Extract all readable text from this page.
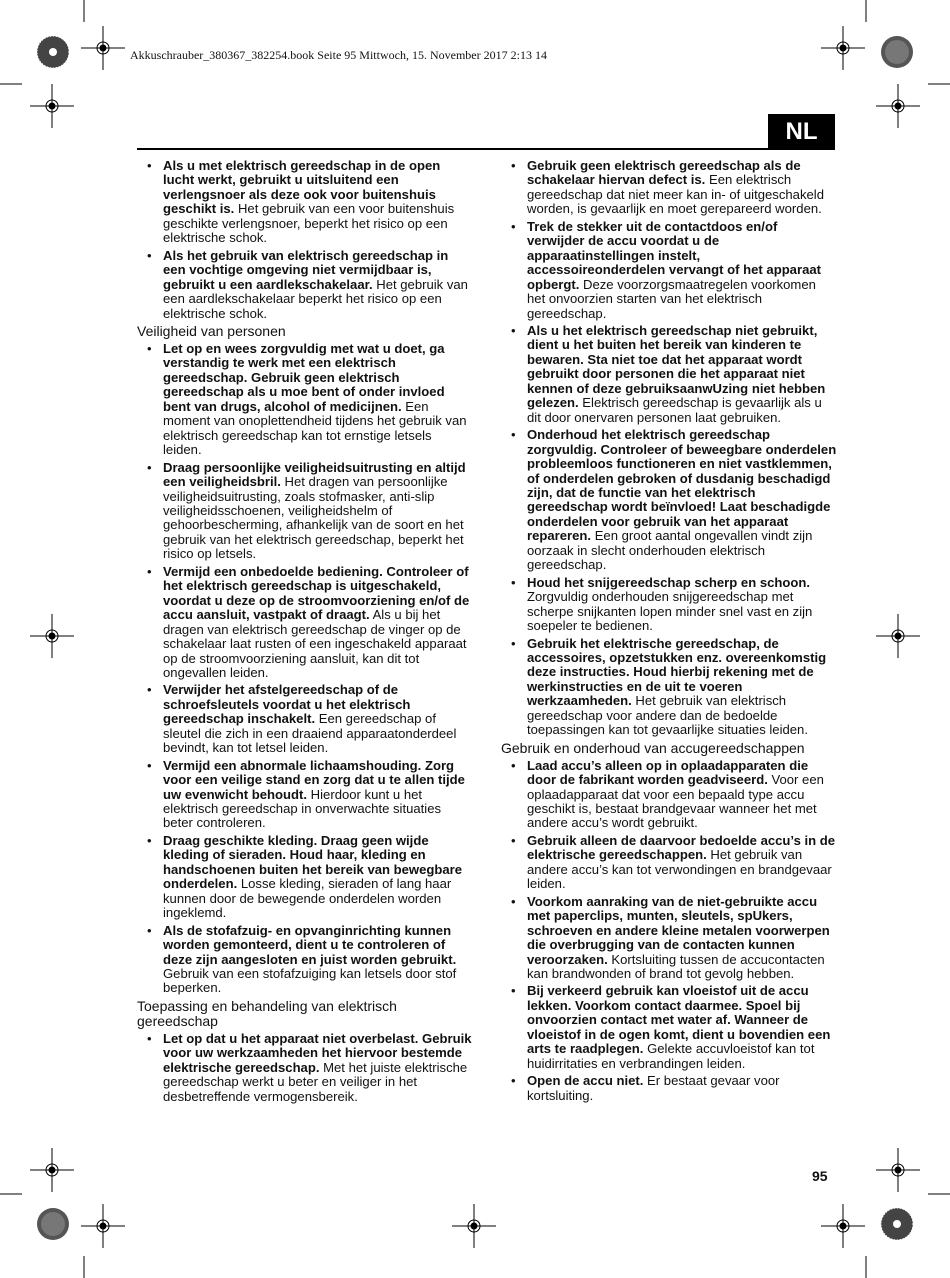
Akkuschrauber_380367_382254.book Seite 95 Mittwoch, 15. November 2017 2:13 14
NL
• Als u met elektrisch gereedschap in de open lucht werkt, gebruikt u uitsluitend een verlengsnoer als deze ook voor buitenshuis geschikt is. Het gebruik van een voor buitenshuis geschikte verlengsnoer, beperkt het risico op een elektrische schok.
• Als het gebruik van elektrisch gereedschap in een vochtige omgeving niet vermijdbaar is, gebruikt u een aardlekschakelaar. Het gebruik van een aardlekschakelaar beperkt het risico op een elektrische schok.
Veiligheid van personen
• Let op en wees zorgvuldig met wat u doet, ga verstandig te werk met een elektrisch gereedschap. Gebruik geen elektrisch gereedschap als u moe bent of onder invloed bent van drugs, alcohol of medicijnen. Een moment van onoplettendheid tijdens het gebruik van elektrisch gereedschap kan tot ernstige letsels leiden.
• Draag persoonlijke veiligheidsuitrusting en altijd een veiligheidsbril. Het dragen van persoonlijke veiligheidsuitrusting, zoals stofmasker, anti-slip veiligheidsschoenen, veiligheidshelm of gehoorbescherming, afhankelijk van de soort en het gebruik van het elektrisch gereedschap, beperkt het risico op letsels.
• Vermijd een onbedoelde bediening. Controleer of het elektrisch gereedschap is uitgeschakeld, voordat u deze op de stroomvoorziening en/of de accu aansluit, vastpakt of draagt. Als u bij het dragen van elektrisch gereedschap de vinger op de schakelaar laat rusten of een ingeschakeld apparaat op de stroomvoorziening aansluit, kan dit tot ongevallen leiden.
• Verwijder het afstelgereedschap of de schroefsleutels voordat u het elektrisch gereedschap inschakelt. Een gereedschap of sleutel die zich in een draaiend apparaatonderdeel bevindt, kan tot letsel leiden.
• Vermijd een abnormale lichaamshouding. Zorg voor een veilige stand en zorg dat u te allen tijde uw evenwicht behoudt. Hierdoor kunt u het elektrisch gereedschap in onverwachte situaties beter controleren.
• Draag geschikte kleding. Draag geen wijde kleding of sieraden. Houd haar, kleding en handschoenen buiten het bereik van bewegbare onderdelen. Losse kleding, sieraden of lang haar kunnen door de bewegende onderdelen worden ingeklemd.
• Als de stofafzuig- en opvanginrichting kunnen worden gemonteerd, dient u te controleren of deze zijn aangesloten en juist worden gebruikt. Gebruik van een stofafzuiging kan letsels door stof beperken.
Toepassing en behandeling van elektrisch gereedschap
• Let op dat u het apparaat niet overbelast. Gebruik voor uw werkzaamheden het hiervoor bestemde elektrische gereedschap. Met het juiste elektrische gereedschap werkt u beter en veiliger in het desbetreffende vermogensbereik.
• Gebruik geen elektrisch gereedschap als de schakelaar hiervan defect is. Een elektrisch gereedschap dat niet meer kan in- of uitgeschakeld worden, is gevaarlijk en moet gerepareerd worden.
• Trek de stekker uit de contactdoos en/of verwijder de accu voordat u de apparaatinstellingen instelt, accessoireonderdelen vervangt of het apparaat opbergt. Deze voorzorgsmaatregelen voorkomen het onvoorzien starten van het elektrisch gereedschap.
• Als u het elektrisch gereedschap niet gebruikt, dient u het buiten het bereik van kinderen te bewaren. Sta niet toe dat het apparaat wordt gebruikt door personen die het apparaat niet kennen of deze gebruiksaanwUzing niet hebben gelezen. Elektrisch gereedschap is gevaarlijk als u dit door onervaren personen laat gebruiken.
• Onderhoud het elektrisch gereedschap zorgvuldig. Controleer of beweegbare onderdelen probleemloos functioneren en niet vastklemmen, of onderdelen gebroken of dusdanig beschadigd zijn, dat de functie van het elektrisch gereedschap wordt beïnvloed! Laat beschadigde onderdelen voor gebruik van het apparaat repareren. Een groot aantal ongevallen vindt zijn oorzaak in slecht onderhouden elektrisch gereedschap.
• Houd het snijgereedschap scherp en schoon. Zorgvuldig onderhouden snijgereedschap met scherpe snijkanten lopen minder snel vast en zijn soepeler te bedienen.
• Gebruik het elektrische gereedschap, de accessoires, opzetstukken enz. overeenkomstig deze instructies. Houd hierbij rekening met de werkinstructies en de uit te voeren werkzaamheden. Het gebruik van elektrisch gereedschap voor andere dan de bedoelde toepassingen kan tot gevaarlijke situaties leiden.
Gebruik en onderhoud van accugereedschappen
• Laad accu’s alleen op in oplaadapparaten die door de fabrikant worden geadviseerd. Voor een oplaadapparaat dat voor een bepaald type accu geschikt is, bestaat brandgevaar wanneer het met andere accu’s wordt gebruikt.
• Gebruik alleen de daarvoor bedoelde accu’s in de elektrische gereedschappen. Het gebruik van andere accu’s kan tot verwondingen en brandgevaar leiden.
• Voorkom aanraking van de niet-gebruikte accu met paperclips, munten, sleutels, spUkers, schroeven en andere kleine metalen voorwerpen die overbrugging van de contacten kunnen veroorzaken. Kortsluiting tussen de accucontacten kan brandwonden of brand tot gevolg hebben.
• Bij verkeerd gebruik kan vloeistof uit de accu lekken. Voorkom contact daarmee. Spoel bij onvoorzien contact met water af. Wanneer de vloeistof in de ogen komt, dient u bovendien een arts te raadplegen. Gelekte accuvloeistof kan tot huidirritaties en verbrandingen leiden.
• Open de accu niet. Er bestaat gevaar voor kortsluiting.
95
